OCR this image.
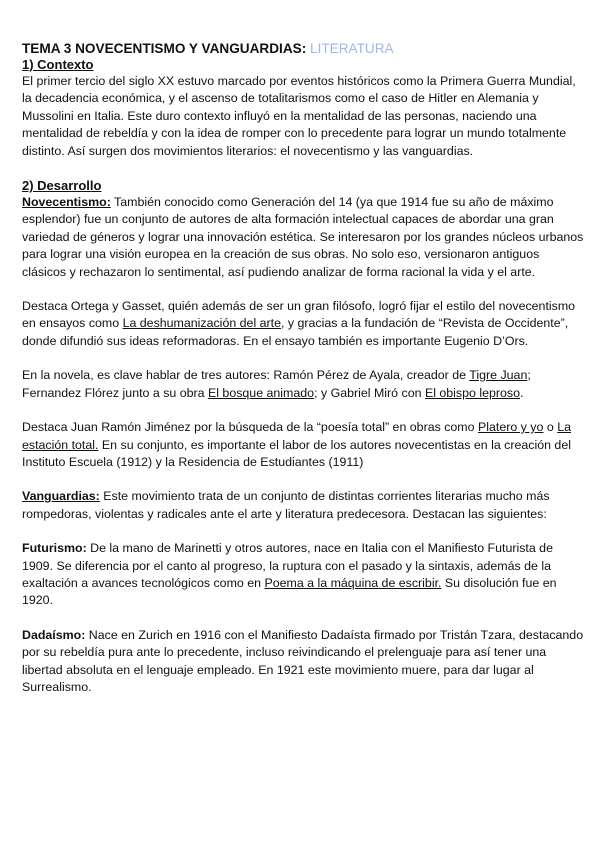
TEMA 3 NOVECENTISMO Y VANGUARDIAS: LITERATURA
1) Contexto

El primer tercio del siglo XX estuvo marcado por eventos históricos como la Primera Guerra Mundial, la decadencia económica, y el ascenso de totalitarismos como el caso de Hitler en Alemania y Mussolini en Italia. Este duro contexto influyó en la mentalidad de las personas, naciendo una mentalidad de rebeldía y con la idea de romper con lo precedente para lograr un mundo totalmente distinto. Así surgen dos movimientos literarios: el novecentismo y las vanguardias.

2) Desarrollo

Novecentismo: También conocido como Generación del 14 (ya que 1914 fue su año de máximo esplendor) fue un conjunto de autores de alta formación intelectual capaces de abordar una gran variedad de géneros y lograr una innovación estética. Se interesaron por los grandes núcleos urbanos para lograr una visión europea en la creación de sus obras. No solo eso, versionaron antiguos clásicos y rechazaron lo sentimental, así pudiendo analizar de forma racional la vida y el arte.

Destaca Ortega y Gasset, quién además de ser un gran filósofo, logró fijar el estilo del novecentismo en ensayos como La deshumanización del arte, y gracias a la fundación de “Revista de Occidente”, donde difundió sus ideas reformadoras. En el ensayo también es importante Eugenio D’Ors.

En la novela, es clave hablar de tres autores: Ramón Pérez de Ayala, creador de Tigre Juan; Fernandez Flórez junto a su obra El bosque animado; y Gabriel Miró con El obispo leproso.

Destaca Juan Ramón Jiménez por la búsqueda de la “poesía total” en obras como Platero y yo o La estación total. En su conjunto, es importante el labor de los autores novecentistas en la creación del Instituto Escuela (1912) y la Residencia de Estudiantes (1911)

Vanguardias: Este movimiento trata de un conjunto de distintas corrientes literarias mucho más rompedoras, violentas y radicales ante el arte y literatura predecesora. Destacan las siguientes:

Futurismo: De la mano de Marinetti y otros autores, nace en Italia con el Manifiesto Futurista de 1909. Se diferencia por el canto al progreso, la ruptura con el pasado y la sintaxis, además de la exaltación a avances tecnológicos como en Poema a la máquina de escribir. Su disolución fue en 1920.

Dadaísmo: Nace en Zurich en 1916 con el Manifiesto Dadaísta firmado por Tristán Tzara, destacando por su rebeldía pura ante lo precedente, incluso reivindicando el prelenguaje para así tener una libertad absoluta en el lenguaje empleado. En 1921 este movimiento muere, para dar lugar al Surrealismo.
